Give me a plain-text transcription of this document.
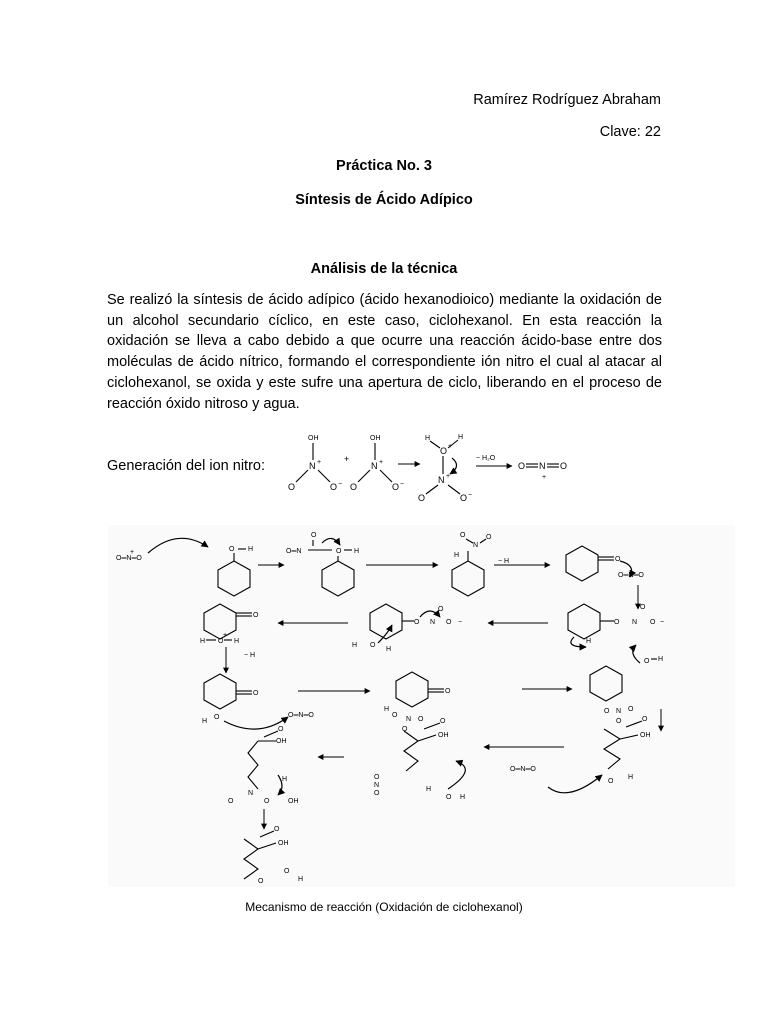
Ramírez Rodríguez Abraham
Clave: 22
Práctica No. 3
Síntesis de Ácido Adípico
Análisis de la técnica
Se realizó la síntesis de ácido adípico (ácido hexanodioico) mediante la oxidación de un alcohol secundario cíclico, en este caso, ciclohexanol. En esta reacción la oxidación se lleva a cabo debido a que ocurre una reacción ácido-base entre dos moléculas de ácido nítrico, formando el correspondiente ión nitro el cual al atacar al ciclohexanol, se oxida y este sufre una apertura de ciclo, liberando en el proceso de reacción óxido nitroso y agua.
Generación del ion nitro:
OH
N +
O	O −
+
OH
N +
O	O −
H
O +
H
N +
O	O −
− H₂O
O N
+
O
O═N═O
+	O H	O═N
O
O H
O
N
O
H
− H	O
O═N═O
O
H O H
+
− H
O N
O
O −
H O
H
O N
O
O −
H
O
O
H
O═N═O
O
O
N
O
O
H
O H
O N O
O
OH
O
H
O
N
O	OH
O
N
O
OH
O
H
O H
O═N═O
OH
O
H
O
OH
O
O
H
O
Mecanismo de reacción (Oxidación de ciclohexanol)
